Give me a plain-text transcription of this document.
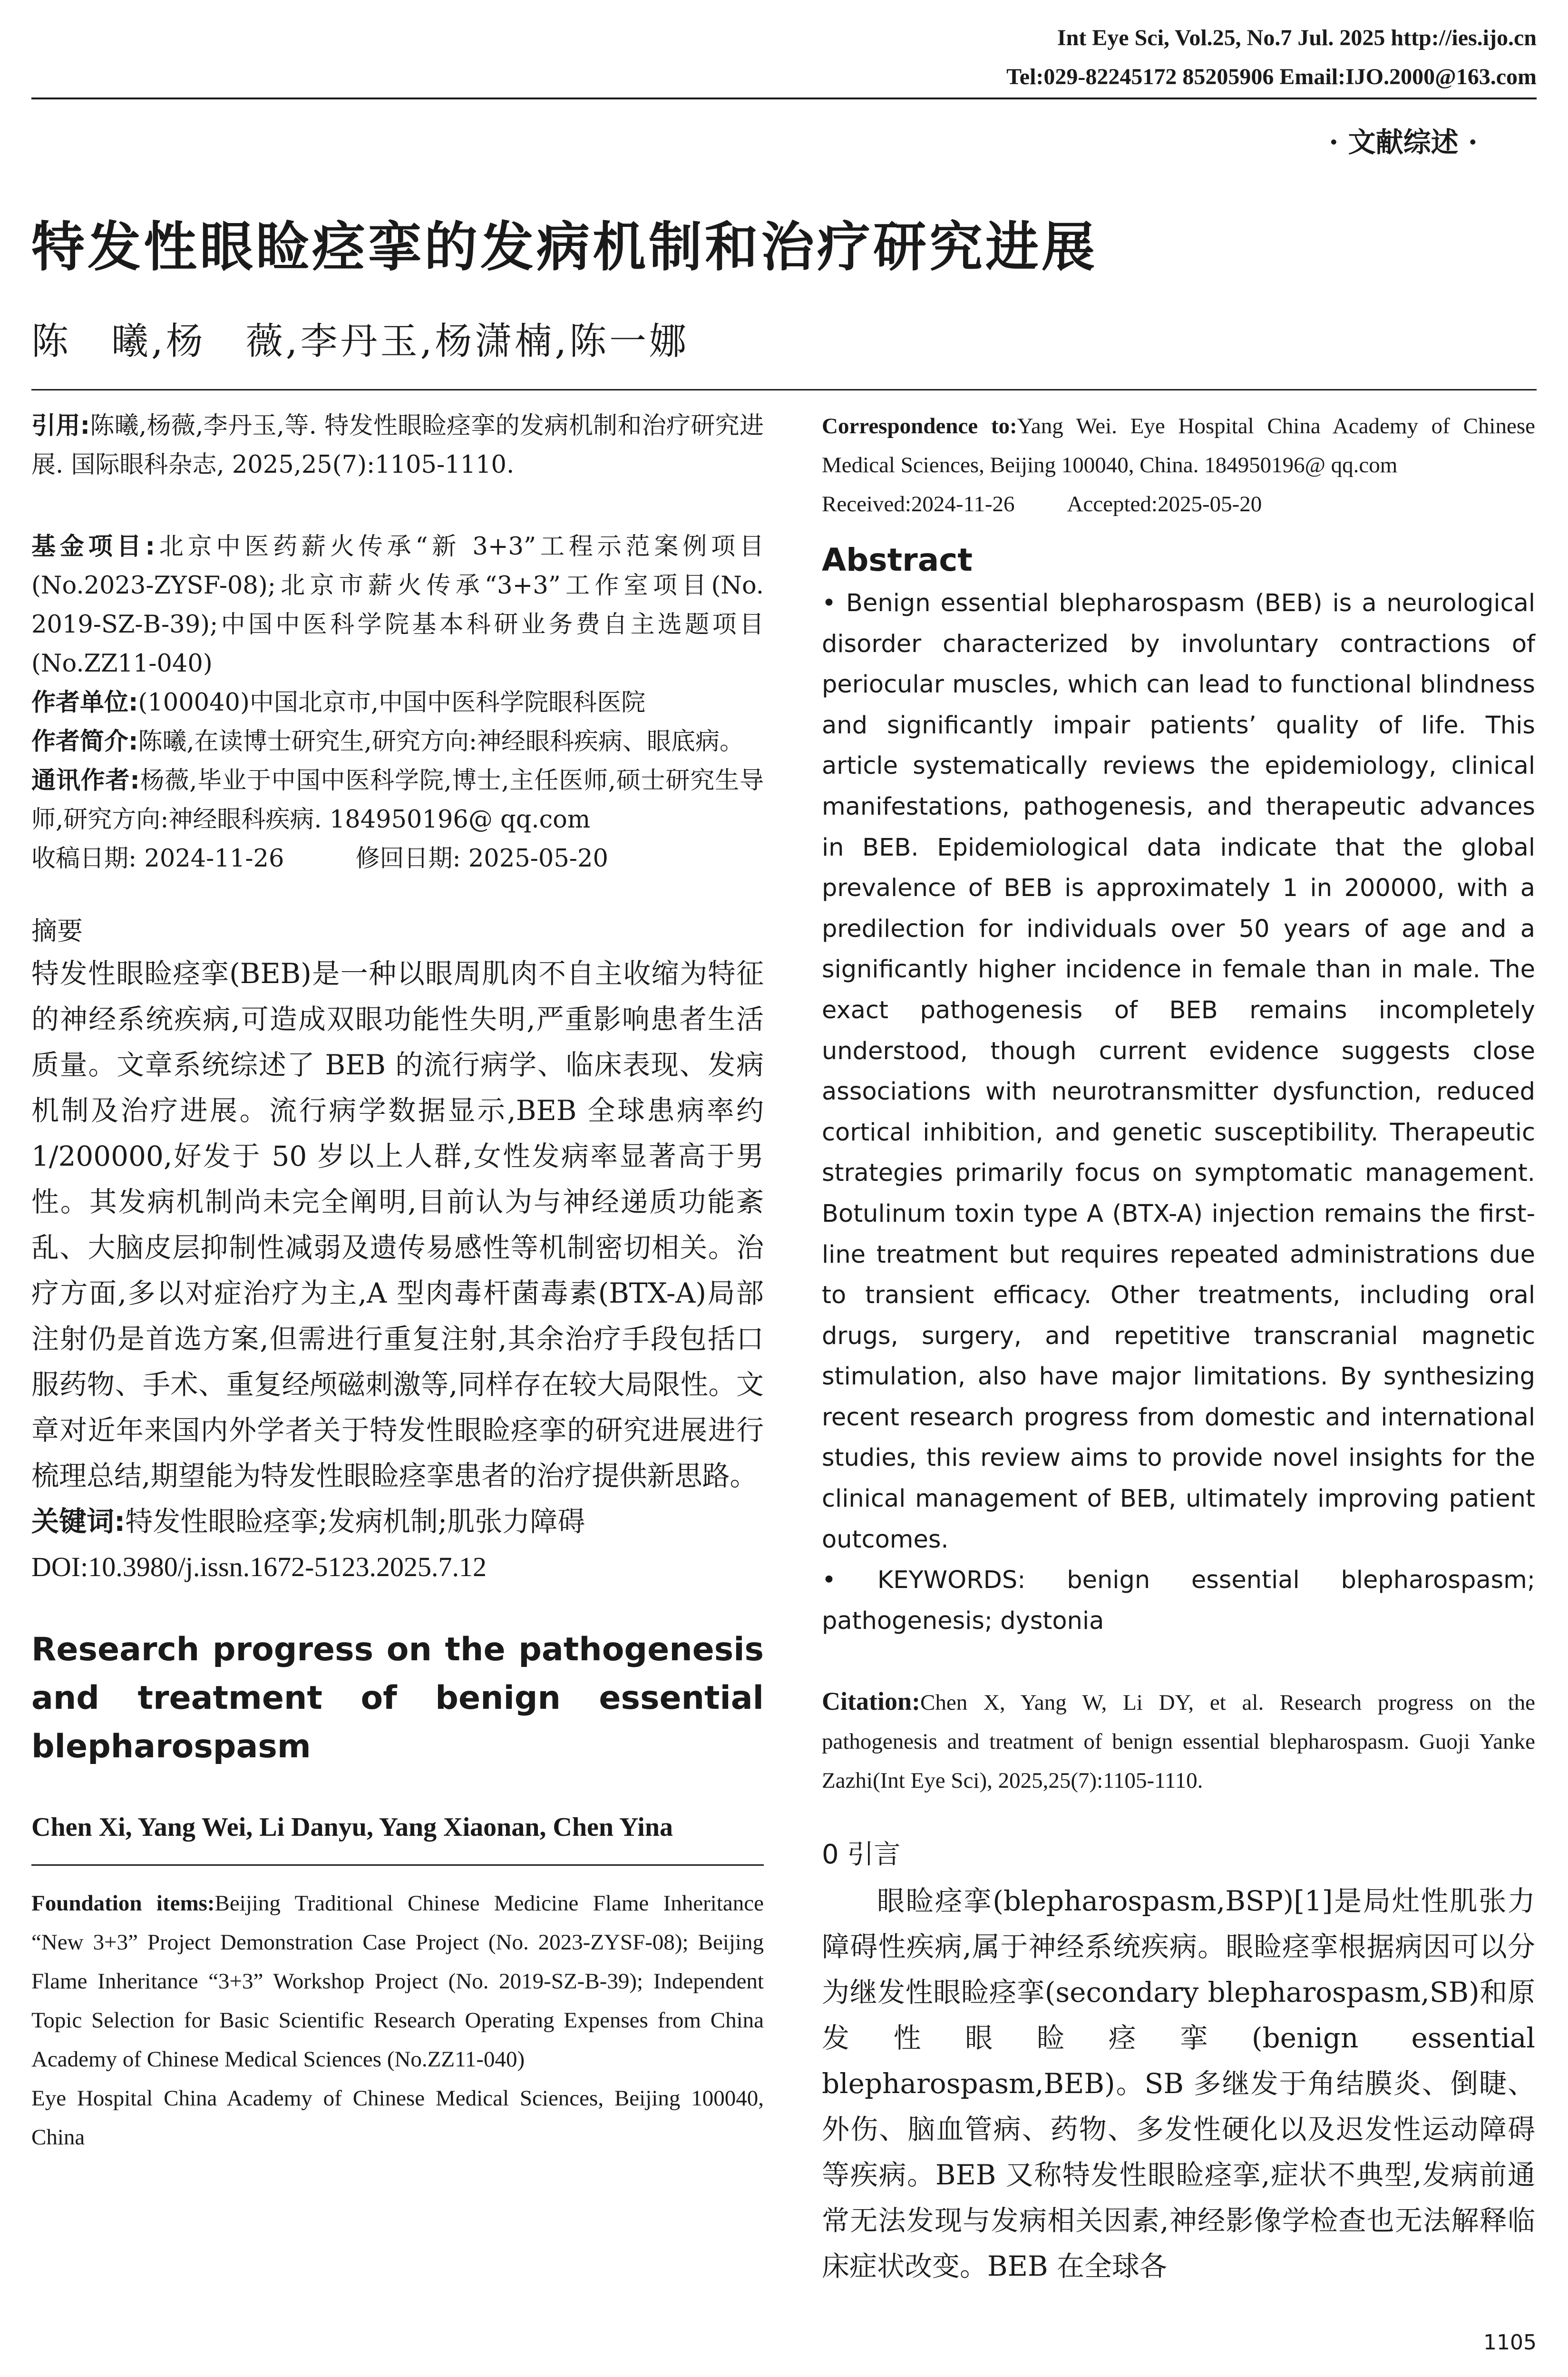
Int Eye Sci, Vol.25, No.7 Jul. 2025 http://ies.ijo.cn
Tel:029-82245172 85205906 Email:IJO.2000@163.com
· 文献综述 ·
特发性眼睑痉挛的发病机制和治疗研究进展
陈　曦,杨　薇,李丹玉,杨潇楠,陈一娜

引用:陈曦,杨薇,李丹玉,等. 特发性眼睑痉挛的发病机制和治疗研究进展. 国际眼科杂志, 2025,25(7):1105-1110.

基金项目:北京中医药薪火传承“新 3+3”工程示范案例项目(No.2023-ZYSF-08);北京市薪火传承“3+3”工作室项目(No. 2019-SZ-B-39);中国中医科学院基本科研业务费自主选题项目(No.ZZ11-040)

作者单位:(100040)中国北京市,中国中医科学院眼科医院

作者简介:陈曦,在读博士研究生,研究方向:神经眼科疾病、眼底病。

通讯作者:杨薇,毕业于中国中医科学院,博士,主任医师,硕士研究生导师,研究方向:神经眼科疾病. 184950196@ qq.com

收稿日期: 2024-11-26	修回日期: 2025-05-20

摘要

特发性眼睑痉挛(BEB)是一种以眼周肌肉不自主收缩为特征的神经系统疾病,可造成双眼功能性失明,严重影响患者生活质量。文章系统综述了 BEB 的流行病学、临床表现、发病机制及治疗进展。流行病学数据显示,BEB 全球患病率约 1/200000,好发于 50 岁以上人群,女性发病率显著高于男性。其发病机制尚未完全阐明,目前认为与神经递质功能紊乱、大脑皮层抑制性减弱及遗传易感性等机制密切相关。治疗方面,多以对症治疗为主,A 型肉毒杆菌毒素(BTX-A)局部注射仍是首选方案,但需进行重复注射,其余治疗手段包括口服药物、手术、重复经颅磁刺激等,同样存在较大局限性。文章对近年来国内外学者关于特发性眼睑痉挛的研究进展进行梳理总结,期望能为特发性眼睑痉挛患者的治疗提供新思路。

关键词:特发性眼睑痉挛;发病机制;肌张力障碍

DOI:10.3980/j.issn.1672-5123.2025.7.12

Research progress on the pathogenesis and treatment of benign essential blepharospasm

Chen Xi, Yang Wei, Li Danyu, Yang Xiaonan, Chen Yina

Foundation items:Beijing Traditional Chinese Medicine Flame Inheritance “New 3+3” Project Demonstration Case Project (No. 2023-ZYSF-08); Beijing Flame Inheritance “3+3” Workshop Project (No. 2019-SZ-B-39); Independent Topic Selection for Basic Scientific Research Operating Expenses from China Academy of Chinese Medical Sciences (No.ZZ11-040)

Eye Hospital China Academy of Chinese Medical Sciences, Beijing 100040, China

Correspondence to:Yang Wei. Eye Hospital China Academy of Chinese Medical Sciences, Beijing 100040, China. 184950196@ qq.com

Received:2024-11-26 Accepted:2025-05-20

Abstract

• Benign essential blepharospasm (BEB) is a neurological disorder characterized by involuntary contractions of periocular muscles, which can lead to functional blindness and significantly impair patients’ quality of life. This article systematically reviews the epidemiology, clinical manifestations, pathogenesis, and therapeutic advances in BEB. Epidemiological data indicate that the global prevalence of BEB is approximately 1 in 200000, with a predilection for individuals over 50 years of age and a significantly higher incidence in female than in male. The exact pathogenesis of BEB remains incompletely understood, though current evidence suggests close associations with neurotransmitter dysfunction, reduced cortical inhibition, and genetic susceptibility. Therapeutic strategies primarily focus on symptomatic management. Botulinum toxin type A (BTX-A) injection remains the first-line treatment but requires repeated administrations due to transient efficacy. Other treatments, including oral drugs, surgery, and repetitive transcranial magnetic stimulation, also have major limitations. By synthesizing recent research progress from domestic and international studies, this review aims to provide novel insights for the clinical management of BEB, ultimately improving patient outcomes.

• KEYWORDS: benign essential blepharospasm; pathogenesis; dystonia

Citation:Chen X, Yang W, Li DY, et al. Research progress on the pathogenesis and treatment of benign essential blepharospasm. Guoji Yanke Zazhi(Int Eye Sci), 2025,25(7):1105-1110.

0 引言

眼睑痉挛(blepharospasm,BSP)[1]是局灶性肌张力障碍性疾病,属于神经系统疾病。眼睑痉挛根据病因可以分为继发性眼睑痉挛(secondary blepharospasm,SB)和原发性眼睑痉挛(benign essential blepharospasm,BEB)。SB 多继发于角结膜炎、倒睫、外伤、脑血管病、药物、多发性硬化以及迟发性运动障碍等疾病。BEB 又称特发性眼睑痉挛,症状不典型,发病前通常无法发现与发病相关因素,神经影像学检查也无法解释临床症状改变。BEB 在全球各

1105
